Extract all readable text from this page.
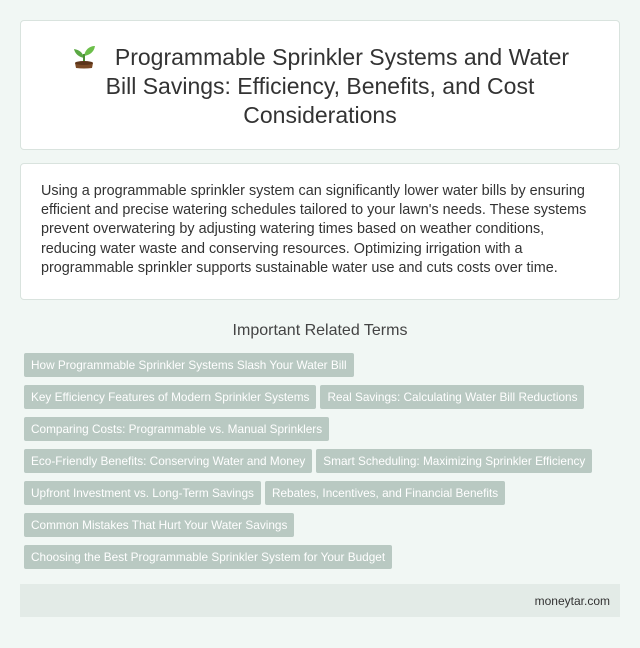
Programmable Sprinkler Systems and Water Bill Savings: Efficiency, Benefits, and Cost Considerations

Using a programmable sprinkler system can significantly lower water bills by ensuring efficient and precise watering schedules tailored to your lawn's needs. These systems prevent overwatering by adjusting watering times based on weather conditions, reducing water waste and conserving resources. Optimizing irrigation with a programmable sprinkler supports sustainable water use and cuts costs over time.

Important Related Terms
How Programmable Sprinkler Systems Slash Your Water Bill
Key Efficiency Features of Modern Sprinkler Systems	Real Savings: Calculating Water Bill Reductions
Comparing Costs: Programmable vs. Manual Sprinklers
Eco-Friendly Benefits: Conserving Water and Money	Smart Scheduling: Maximizing Sprinkler Efficiency
Upfront Investment vs. Long-Term Savings	Rebates, Incentives, and Financial Benefits
Common Mistakes That Hurt Your Water Savings
Choosing the Best Programmable Sprinkler System for Your Budget
moneytar.com
